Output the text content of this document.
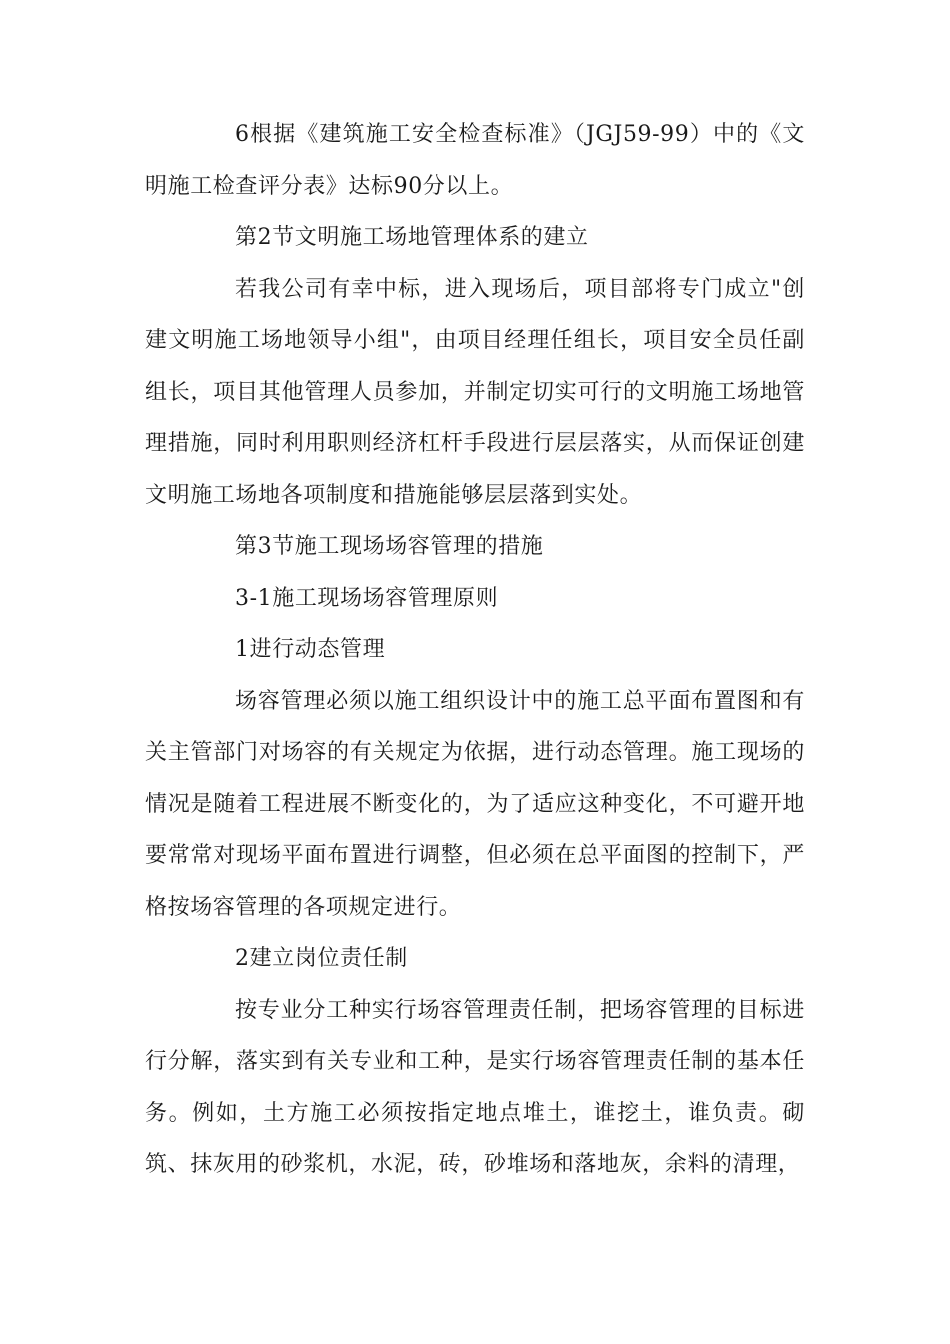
6根据《建筑施工安全检查标准》（JGJ59-99）中的《文明施工检查评分表》达标90分以上。

第2节文明施工场地管理体系的建立

若我公司有幸中标，进入现场后，项目部将专门成立"创建文明施工场地领导小组"，由项目经理任组长，项目安全员任副组长，项目其他管理人员参加，并制定切实可行的文明施工场地管理措施，同时利用职则经济杠杆手段进行层层落实，从而保证创建文明施工场地各项制度和措施能够层层落到实处。

第3节施工现场场容管理的措施

3-1施工现场场容管理原则

1进行动态管理

场容管理必须以施工组织设计中的施工总平面布置图和有关主管部门对场容的有关规定为依据，进行动态管理。施工现场的情况是随着工程进展不断变化的，为了适应这种变化，不可避开地要常常对现场平面布置进行调整，但必须在总平面图的控制下，严格按场容管理的各项规定进行。

2建立岗位责任制

按专业分工种实行场容管理责任制，把场容管理的目标进行分解，落实到有关专业和工种，是实行场容管理责任制的基本任务。例如，土方施工必须按指定地点堆土，谁挖土，谁负责。砌筑、抹灰用的砂浆机，水泥，砖，砂堆场和落地灰，余料的清理，
